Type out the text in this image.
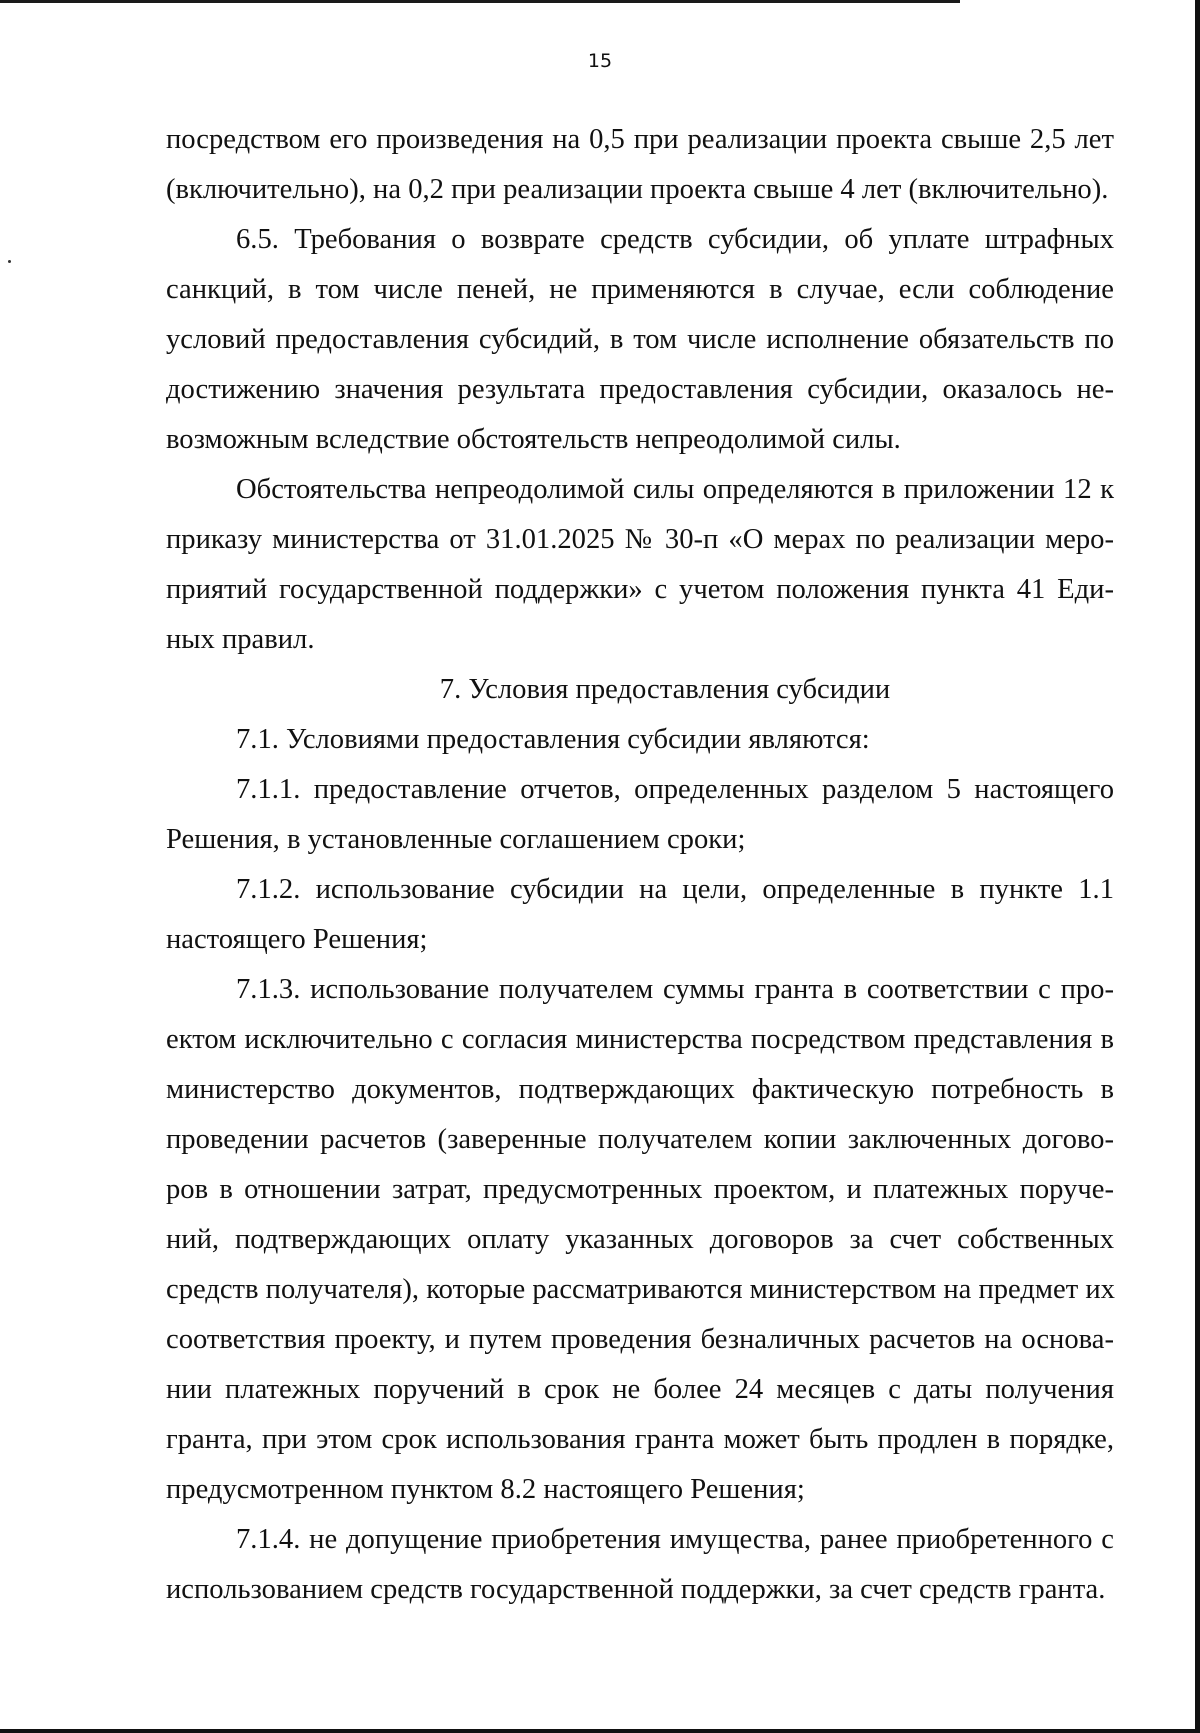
15
посредством его произведения на 0,5 при реализации проекта свыше 2,5 лет
(включительно), на 0,2 при реализации проекта свыше 4 лет (включительно).
6.5. Требования о возврате средств субсидии, об уплате штрафных
санкций, в том числе пеней, не применяются в случае, если соблюдение
условий предоставления субсидий, в том числе исполнение обязательств по
достижению значения результата предоставления субсидии, оказалось не-
возможным вследствие обстоятельств непреодолимой силы.
Обстоятельства непреодолимой силы определяются в приложении 12 к
приказу министерства от 31.01.2025 № 30-п «О мерах по реализации меро-
приятий государственной поддержки» с учетом положения пункта 41 Еди-
ных правил.
7. Условия предоставления субсидии
7.1. Условиями предоставления субсидии являются:
7.1.1. предоставление отчетов, определенных разделом 5 настоящего
Решения, в установленные соглашением сроки;
7.1.2. использование субсидии на цели, определенные в пункте 1.1
настоящего Решения;
7.1.3. использование получателем суммы гранта в соответствии с про-
ектом исключительно с согласия министерства посредством представления в
министерство документов, подтверждающих фактическую потребность в
проведении расчетов (заверенные получателем копии заключенных догово-
ров в отношении затрат, предусмотренных проектом, и платежных поруче-
ний, подтверждающих оплату указанных договоров за счет собственных
средств получателя), которые рассматриваются министерством на предмет их
соответствия проекту, и путем проведения безналичных расчетов на основа-
нии платежных поручений в срок не более 24 месяцев с даты получения
гранта, при этом срок использования гранта может быть продлен в порядке,
предусмотренном пунктом 8.2 настоящего Решения;
7.1.4. не допущение приобретения имущества, ранее приобретенного с
использованием средств государственной поддержки, за счет средств гранта.
